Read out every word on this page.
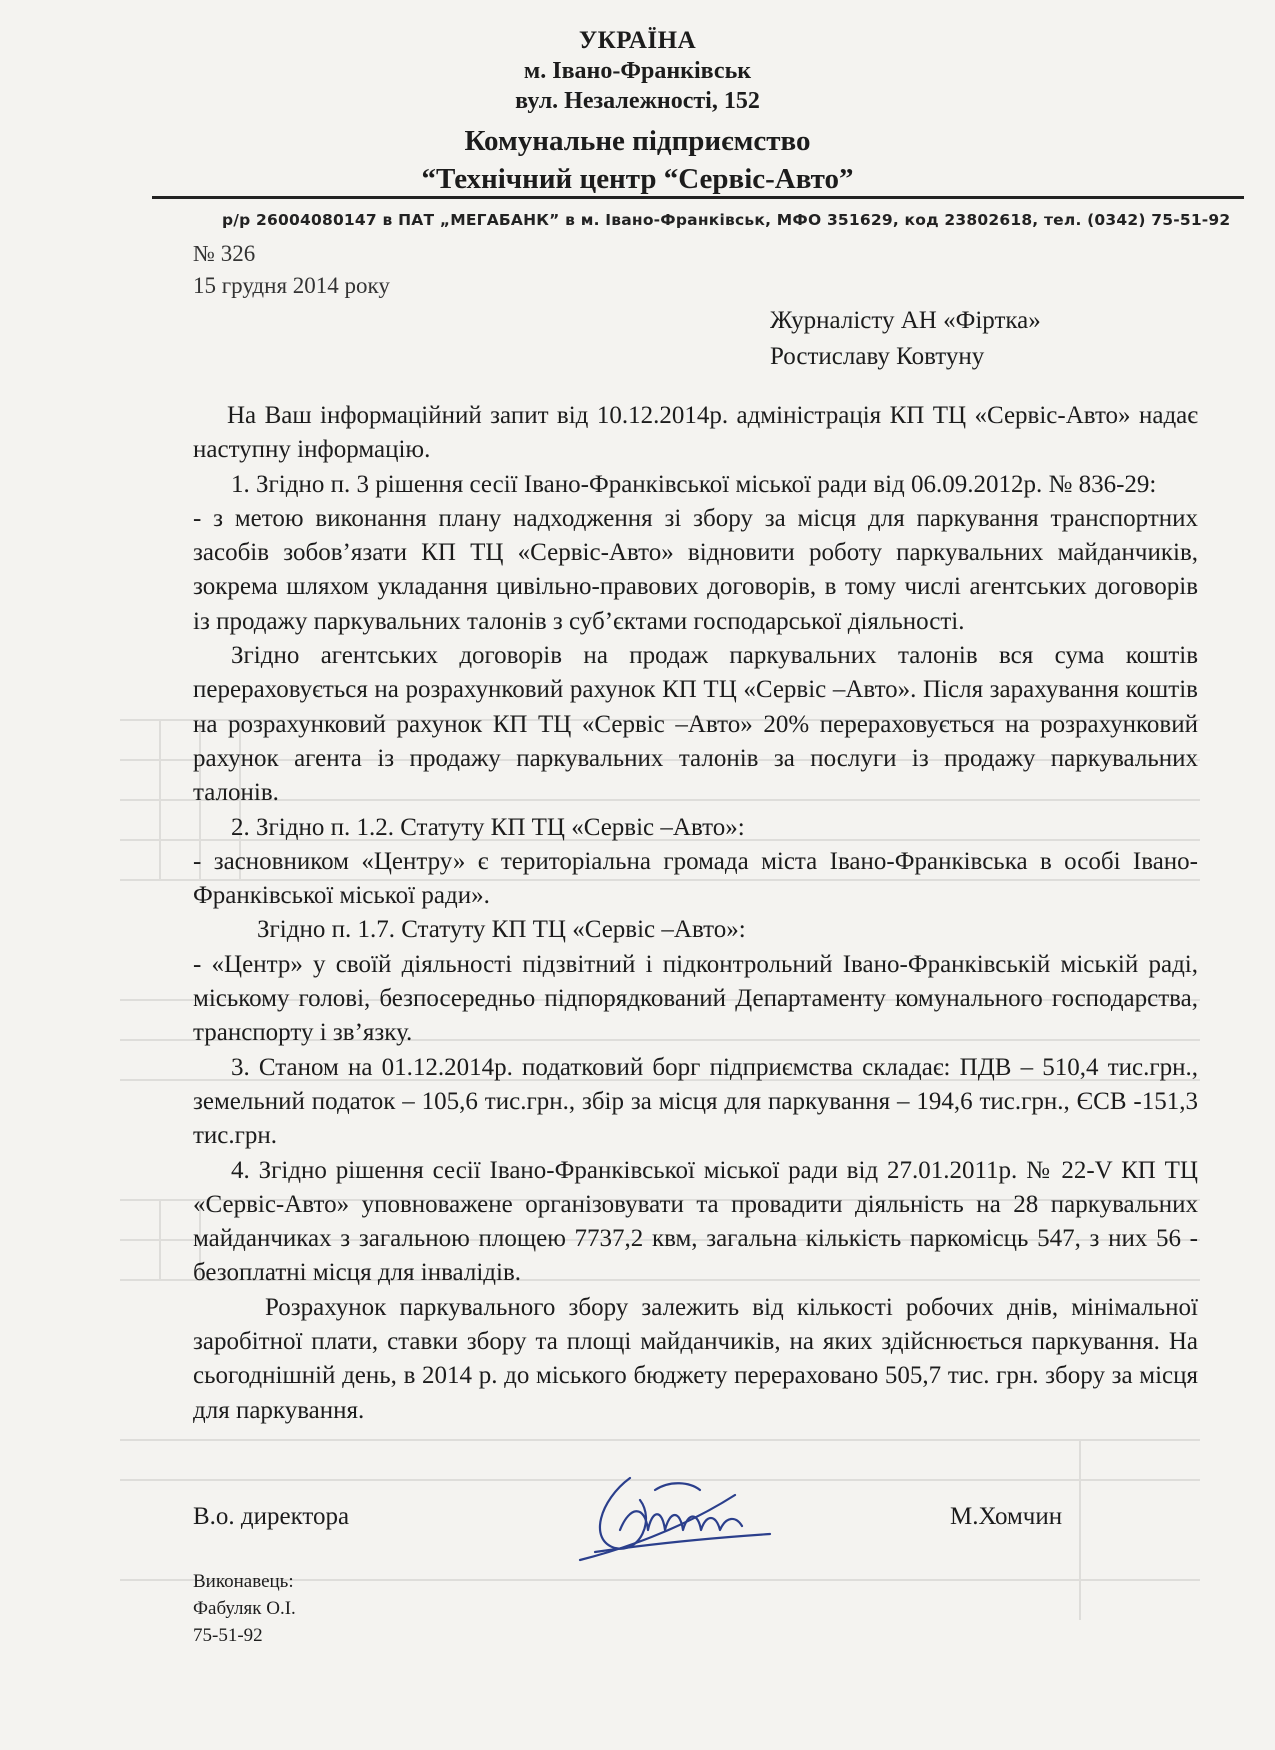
УКРАЇНА
м. Івано-Франківськ
вул. Незалежності, 152
Комунальне підприємство
“Технічний центр “Сервіс-Авто”
р/р 26004080147 в ПАТ „МЕГАБАНК” в м. Івано-Франківськ, МФО 351629, код 23802618, тел. (0342) 75-51-92
№ 326
15 грудня 2014 року
Журналісту АН «Фіртка»
Ростиславу Ковтуну

На Ваш інформаційний запит від 10.12.2014р. адміністрація КП ТЦ «Сервіс-Авто» надає наступну інформацію.

1. Згідно п. 3 рішення сесії Івано-Франківської міської ради від 06.09.2012р. № 836-29:

- з метою виконання плану надходження зі збору за місця для паркування транспортних засобів зобов’язати КП ТЦ «Сервіс-Авто» відновити роботу паркувальних майданчиків, зокрема шляхом укладання цивільно-правових договорів, в тому числі агентських договорів із продажу паркувальних талонів з суб’єктами господарської діяльності.

Згідно агентських договорів на продаж паркувальних талонів вся сума коштів перераховується на розрахунковий рахунок КП ТЦ «Сервіс –Авто». Після зарахування коштів на розрахунковий рахунок КП ТЦ «Сервіс –Авто» 20% перераховується на розрахунковий рахунок агента із продажу паркувальних талонів за послуги із продажу паркувальних талонів.

2. Згідно п. 1.2. Статуту КП ТЦ «Сервіс –Авто»:

- засновником «Центру» є територіальна громада міста Івано-Франківська в особі Івано-Франківської міської ради».

Згідно п. 1.7. Статуту КП ТЦ «Сервіс –Авто»:

- «Центр» у своїй діяльності підзвітний і підконтрольний Івано-Франківській міській раді, міському голові, безпосередньо підпорядкований Департаменту комунального господарства, транспорту і зв’язку.

3. Станом на 01.12.2014р. податковий борг підприємства складає: ПДВ – 510,4 тис.грн., земельний податок – 105,6 тис.грн., збір за місця для паркування – 194,6 тис.грн., ЄСВ -151,3 тис.грн.

4. Згідно рішення сесії Івано-Франківської міської ради від 27.01.2011р. № 22-V КП ТЦ «Сервіс-Авто» уповноважене організовувати та провадити діяльність на 28 паркувальних майданчиках з загальною площею 7737,2 квм, загальна кількість паркомісць 547, з них 56 - безоплатні місця для інвалідів.

Розрахунок паркувального збору залежить від кількості робочих днів, мінімальної заробітної плати, ставки збору та площі майданчиків, на яких здійснюється паркування. На сьогоднішній день, в 2014 р. до міського бюджету перераховано 505,7 тис. грн. збору за місця для паркування.

В.о. директора	М.Хомчин
Виконавець:
Фабуляк О.І.
75-51-92
